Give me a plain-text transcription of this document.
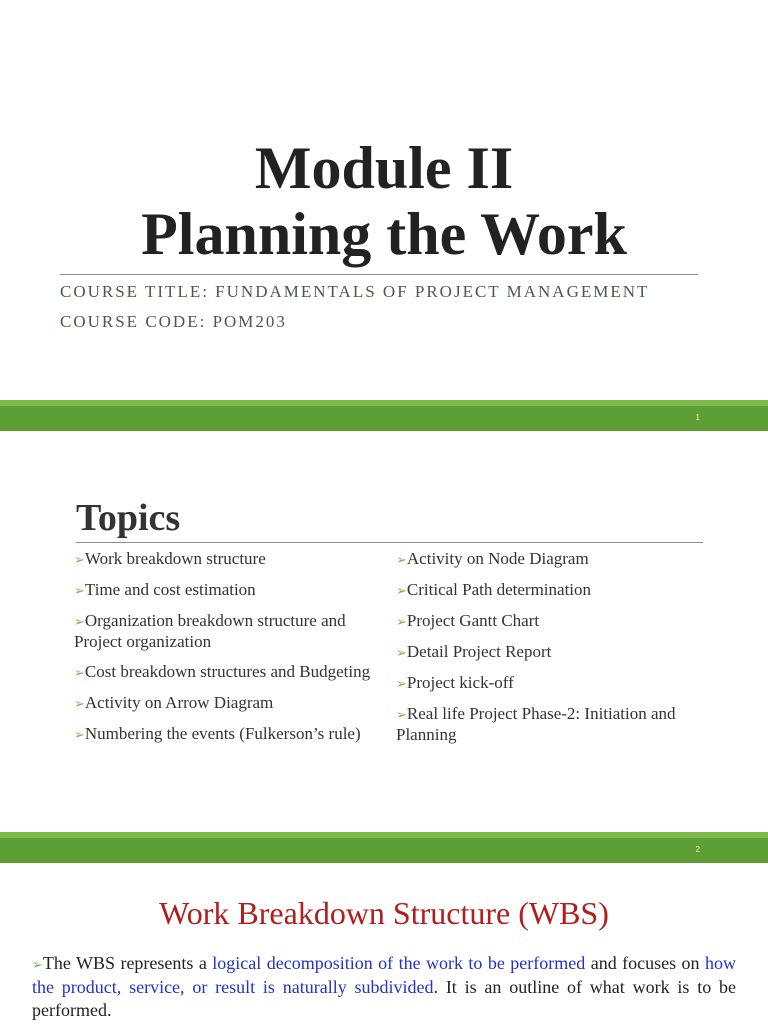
Module II
Planning the Work
COURSE TITLE: FUNDAMENTALS OF PROJECT MANAGEMENT
COURSE CODE: POM203
1
Topics
➢Work breakdown structure
➢Time and cost estimation
➢Organization breakdown structure and Project organization
➢Cost breakdown structures and Budgeting
➢Activity on Arrow Diagram
➢Numbering the events (Fulkerson’s rule)
➢Activity on Node Diagram
➢Critical Path determination
➢Project Gantt Chart
➢Detail Project Report
➢Project kick-off
➢Real life Project Phase-2: Initiation and Planning
2
Work Breakdown Structure (WBS)
➢The WBS represents a logical decomposition of the work to be performed and focuses on how the product, service, or result is naturally subdivided. It is an outline of what work is to be performed.
